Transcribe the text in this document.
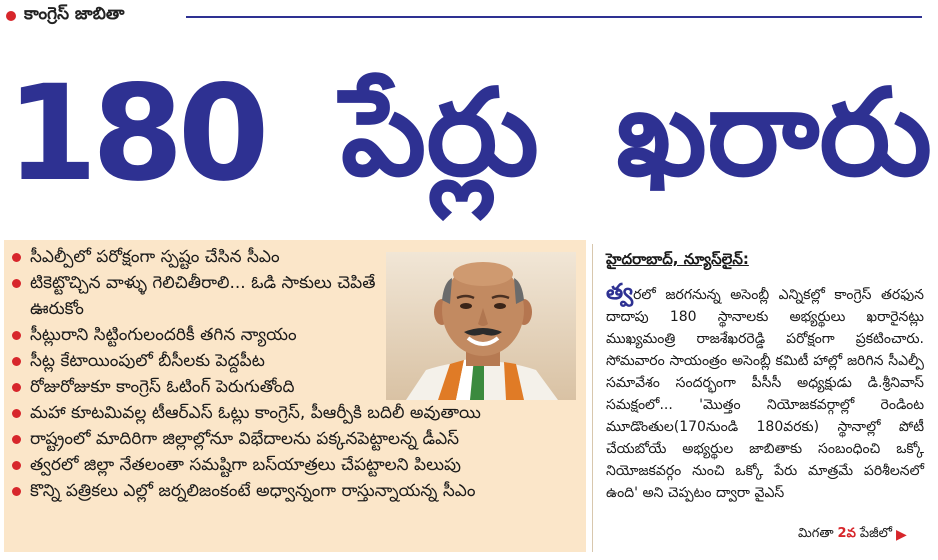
కాంగ్రెస్ జాబితా
180 పేర్లు ఖరారు
సీఎల్పీలో పరోక్షంగా స్పష్టం చేసిన సీఎం
టికెట్టొచ్చిన వాళ్ళు గెలిచితీరాలి... ఓడి సాకులు చెపితే ఊరుకోం
సీట్లురాని సిట్టింగులందరికీ తగిన న్యాయం
సీట్ల కేటాయింపులో బీసీలకు పెద్దపీట
రోజురోజుకూ కాంగ్రెస్ ఓటింగ్ పెరుగుతోంది
మహా కూటమివల్ల టీఆర్ఎస్ ఓట్లు కాంగ్రెస్, పీఆర్పీకి బదిలీ అవుతాయి
రాష్ట్రంలో మాదిరిగా జిల్లాల్లోనూ విభేదాలను పక్కనపెట్టాలన్న డీఎస్
త్వరలో జిల్లా నేతలంతా సమష్టిగా బస్‌యాత్రలు చేపట్టాలని పిలుపు
కొన్ని పత్రికలు ఎల్లో జర్నలిజంకంటే అధ్వాన్నంగా రాస్తున్నాయన్న సీఎం
హైదరాబాద్, న్యూస్‌లైన్:
త్వరలో జరగనున్న అసెంబ్లీ ఎన్నికల్లో కాంగ్రెస్ తరఫున దాదాపు 180 స్థానాలకు అభ్యర్థులు ఖరారైనట్లు ముఖ్యమంత్రి రాజశేఖరరెడ్డి పరోక్షంగా ప్రకటించారు. సోమవారం సాయంత్రం అసెంబ్లీ కమిటీ హాల్లో జరిగిన సీఎల్పీ సమావేశం సందర్భంగా పీసీసీ అధ్యక్షుడు డి.శ్రీనివాస్ సమక్షంలో... 'మొత్తం నియోజకవర్గాల్లో రెండింట మూడొంతుల(170నుండి 180వరకు) స్థానాల్లో పోటీ చేయబోయే అభ్యర్థుల జాబితాకు సంబంధించి ఒక్కో నియోజకవర్గం నుంచి ఒక్కో పేరు మాత్రమే పరిశీలనలో ఉంది' అని చెప్పటం ద్వారా వైఎస్
మిగతా 2వ పేజీలో ▶
